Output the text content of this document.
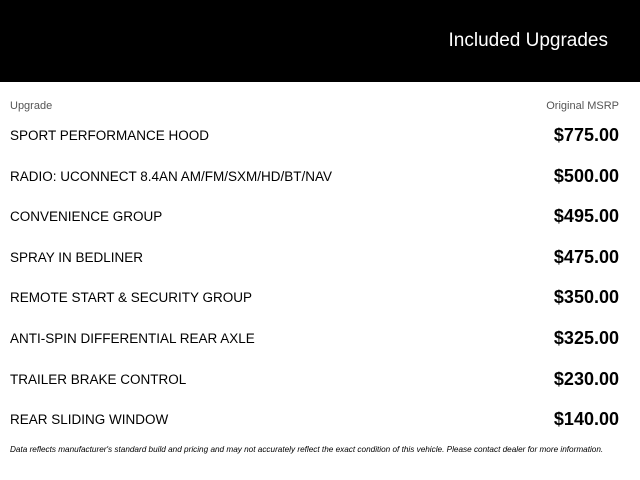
Included Upgrades
Upgrade	Original MSRP
SPORT PERFORMANCE HOOD	$775.00
RADIO: UCONNECT 8.4AN AM/FM/SXM/HD/BT/NAV	$500.00
CONVENIENCE GROUP	$495.00
SPRAY IN BEDLINER	$475.00
REMOTE START & SECURITY GROUP	$350.00
ANTI-SPIN DIFFERENTIAL REAR AXLE	$325.00
TRAILER BRAKE CONTROL	$230.00
REAR SLIDING WINDOW	$140.00
Data reflects manufacturer's standard build and pricing and may not accurately reflect the exact condition of this vehicle. Please contact dealer for more information.
